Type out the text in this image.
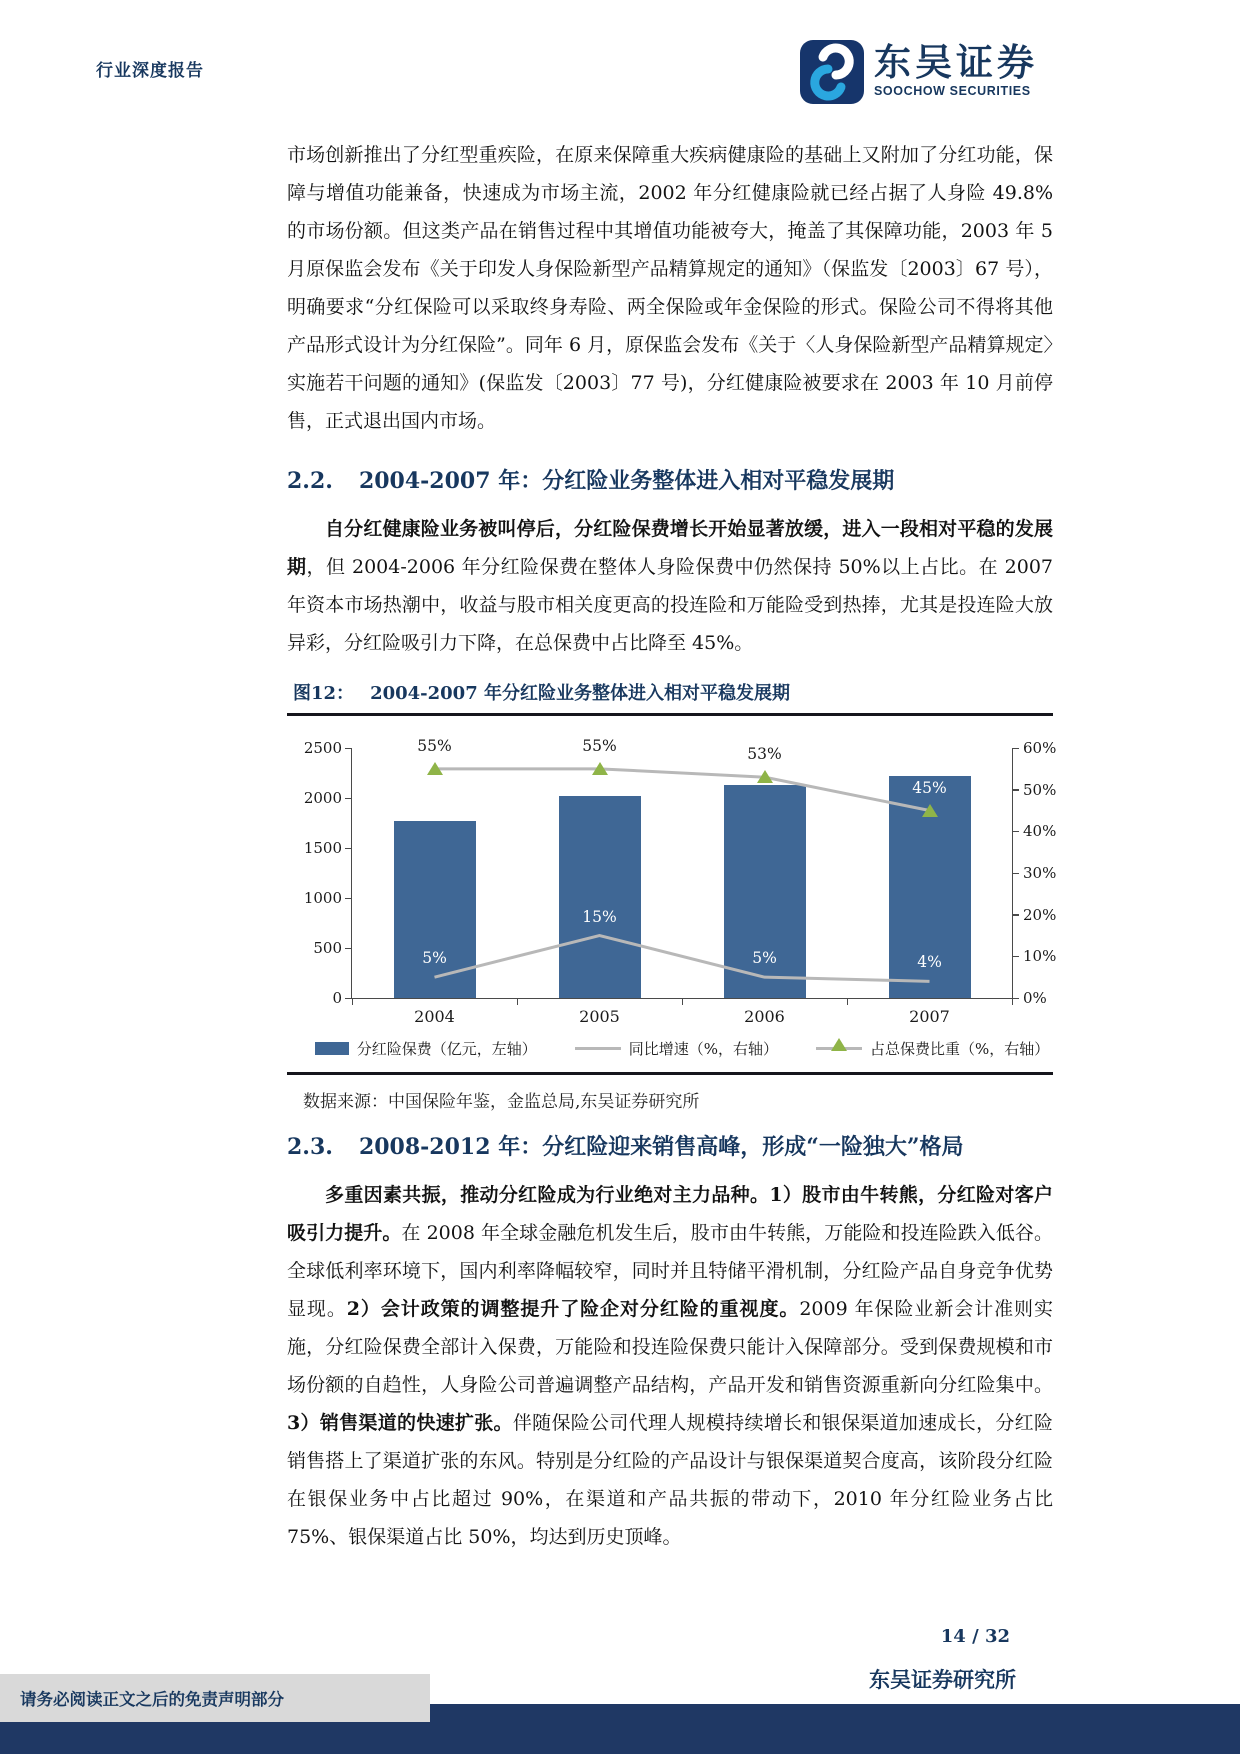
行业深度报告	东吴证券
SOOCHOW SECURITIES

市场创新推出了分红型重疾险，在原来保障重大疾病健康险的基础上又附加了分红功能，保障与增值功能兼备，快速成为市场主流，2002 年分红健康险就已经占据了人身险 49.8%的市场份额。但这类产品在销售过程中其增值功能被夸大，掩盖了其保障功能，2003 年 5 月原保监会发布《关于印发人身保险新型产品精算规定的通知》（保监发〔2003〕67 号），明确要求“分红保险可以采取终身寿险、两全保险或年金保险的形式。保险公司不得将其他产品形式设计为分红保险”。同年 6 月，原保监会发布《关于〈人身保险新型产品精算规定〉实施若干问题的通知》(保监发〔2003〕77 号)，分红健康险被要求在 2003 年 10 月前停售，正式退出国内市场。

2.2. 2004-2007 年：分红险业务整体进入相对平稳发展期

自分红健康险业务被叫停后，分红险保费增长开始显著放缓，进入一段相对平稳的发展期，但 2004-2006 年分红险保费在整体人身险保费中仍然保持 50%以上占比。在 2007 年资本市场热潮中，收益与股市相关度更高的投连险和万能险受到热捧，尤其是投连险大放异彩，分红险吸引力下降，在总保费中占比降至 45%。

图12： 2004-2007 年分红险业务整体进入相对平稳发展期
2500
2000
1500
1000
500
0
60%
50%
40%
30%
20%
10%
0%
2004	2005	2006	2007
5%
15%
5%	4%
55%	55%	53%
45%
分红险保费（亿元，左轴）	同比增速（%，右轴）	占总保费比重（%，右轴）
数据来源：中国保险年鉴，金监总局,东吴证券研究所
2.3. 2008-2012 年：分红险迎来销售高峰，形成“一险独大”格局

多重因素共振，推动分红险成为行业绝对主力品种。1）股市由牛转熊，分红险对客户吸引力提升。在 2008 年全球金融危机发生后，股市由牛转熊，万能险和投连险跌入低谷。全球低利率环境下，国内利率降幅较窄，同时并且特储平滑机制，分红险产品自身竞争优势显现。2）会计政策的调整提升了险企对分红险的重视度。2009 年保险业新会计准则实施，分红险保费全部计入保费，万能险和投连险保费只能计入保障部分。受到保费规模和市场份额的自趋性，人身险公司普遍调整产品结构，产品开发和销售资源重新向分红险集中。3）销售渠道的快速扩张。伴随保险公司代理人规模持续增长和银保渠道加速成长，分红险销售搭上了渠道扩张的东风。特别是分红险的产品设计与银保渠道契合度高，该阶段分红险在银保业务中占比超过 90%，在渠道和产品共振的带动下，2010 年分红险业务占比 75%、银保渠道占比 50%，均达到历史顶峰。

14 / 32
东吴证券研究所
请务必阅读正文之后的免责声明部分
